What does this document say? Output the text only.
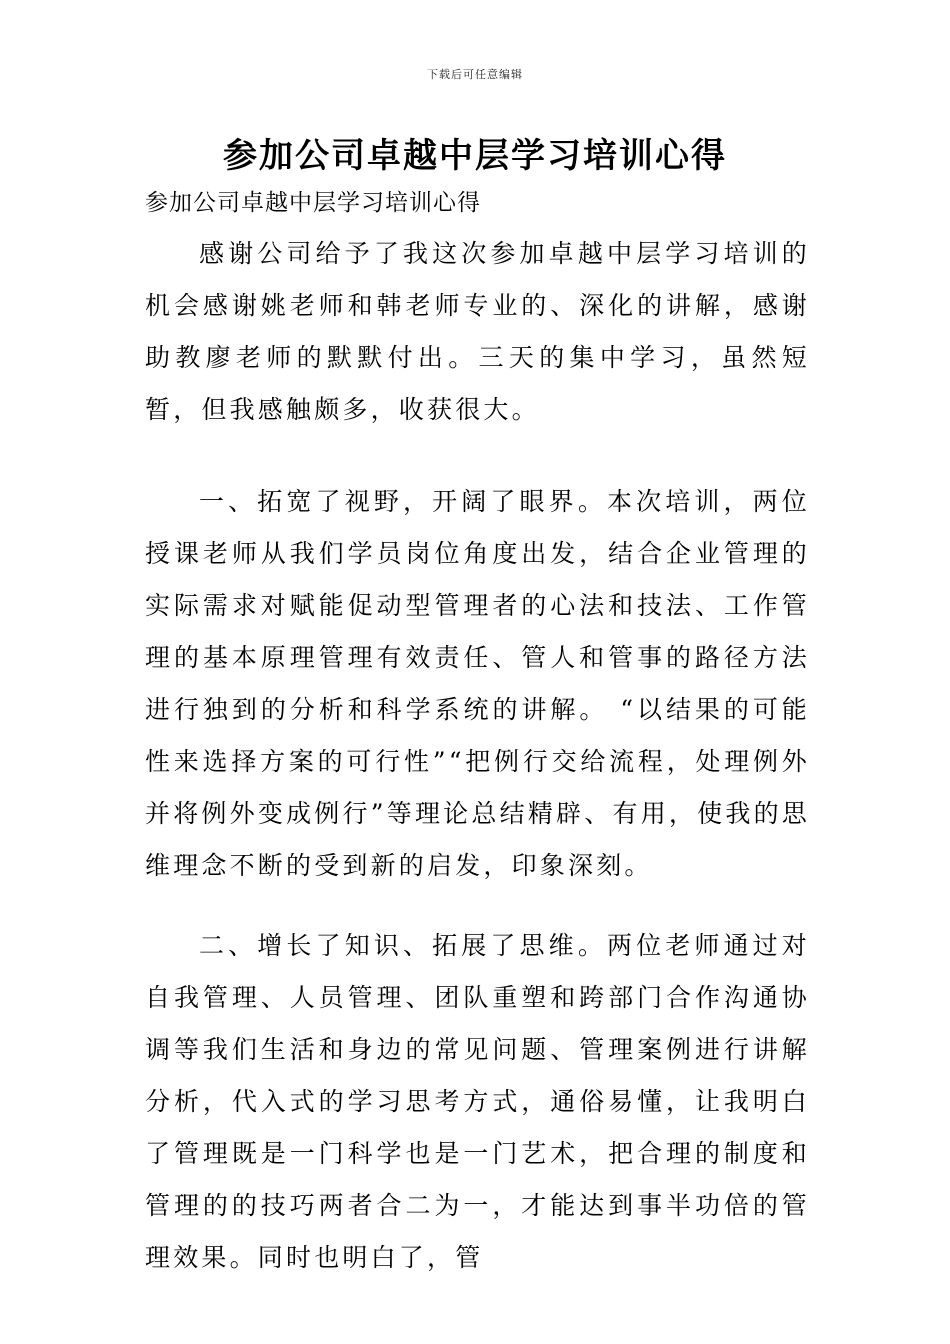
下载后可任意编辑
参加公司卓越中层学习培训心得
参加公司卓越中层学习培训心得
感谢公司给予了我这次参加卓越中层学习培训的机会感谢姚老师和韩老师专业的、深化的讲解，感谢助教廖老师的默默付出。三天的集中学习，虽然短暂，但我感触颇多，收获很大。
一、拓宽了视野，开阔了眼界。本次培训，两位授课老师从我们学员岗位角度出发，结合企业管理的实际需求对赋能促动型管理者的心法和技法、工作管理的基本原理管理有效责任、管人和管事的路径方法进行独到的分析和科学系统的讲解。 “以结果的可能性来选择方案的可行性”“把例行交给流程，处理例外并将例外变成例行”等理论总结精辟、有用，使我的思维理念不断的受到新的启发，印象深刻。
二、增长了知识、拓展了思维。两位老师通过对自我管理、人员管理、团队重塑和跨部门合作沟通协调等我们生活和身边的常见问题、管理案例进行讲解分析，代入式的学习思考方式，通俗易懂，让我明白了管理既是一门科学也是一门艺术，把合理的制度和管理的的技巧两者合二为一，才能达到事半功倍的管理效果。同时也明白了，管
